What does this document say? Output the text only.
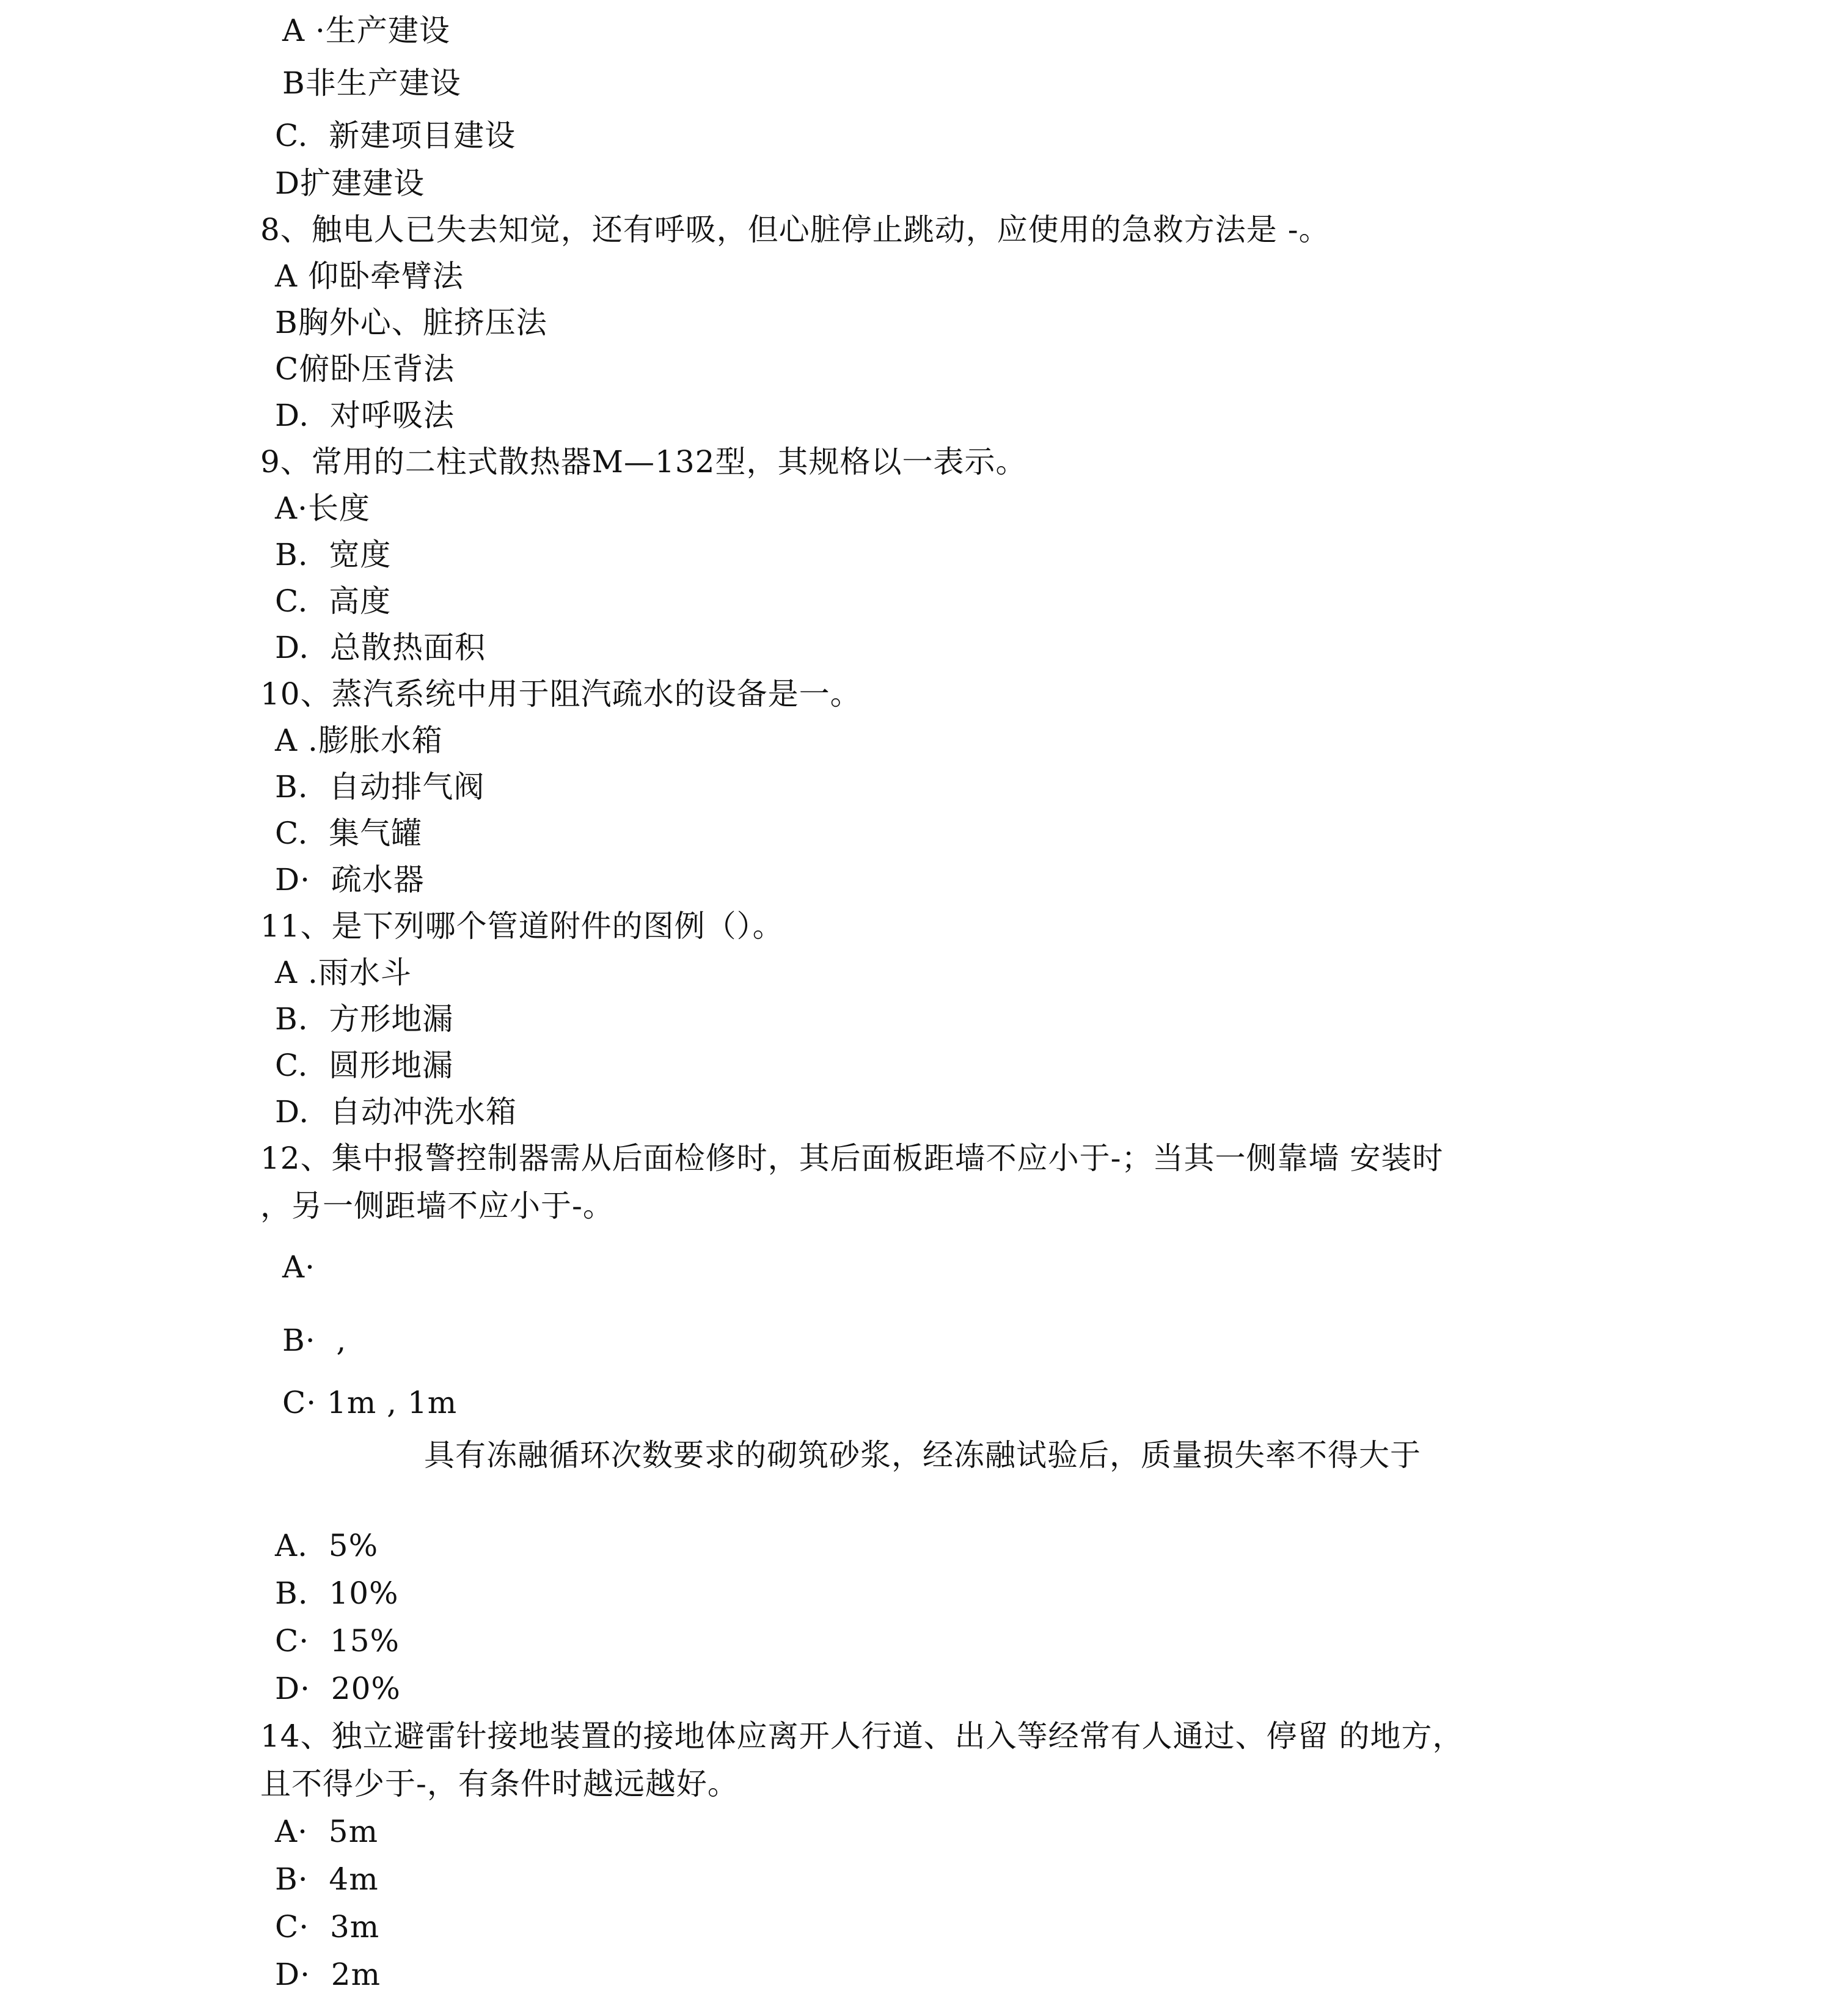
A ·生产建设
B非生产建设
C.  新建项目建设
D扩建建设
8、触电人已失去知觉，还有呼吸，但心脏停止跳动，应使用的急救方法是 -。
A 仰卧牵臂法
B胸外心、脏挤压法
C俯卧压背法
D.  对呼吸法
9、常用的二柱式散热器M—132型，其规格以一表示。
A·长度
B.  宽度
C.  高度
D.  总散热面积
10、蒸汽系统中用于阻汽疏水的设备是一。
A .膨胀水箱
B.  自动排气阀
C.  集气罐
D·  疏水器
11、是下列哪个管道附件的图例（）。
A .雨水斗
B.  方形地漏
C.  圆形地漏
D.  自动冲洗水箱
12、集中报警控制器需从后面检修时，其后面板距墙不应小于-；当其一侧靠墙 安装时
，另一侧距墙不应小于-。
A·
B·  ,
C· 1m , 1m
具有冻融循环次数要求的砌筑砂浆，经冻融试验后，质量损失率不得大于
A.  5%
B.  10%
C·  15%
D·  20%
14、独立避雷针接地装置的接地体应离开人行道、出入等经常有人通过、停留 的地方，
且不得少于-，有条件时越远越好。
A·  5m
B·  4m
C·  3m
D·  2m
